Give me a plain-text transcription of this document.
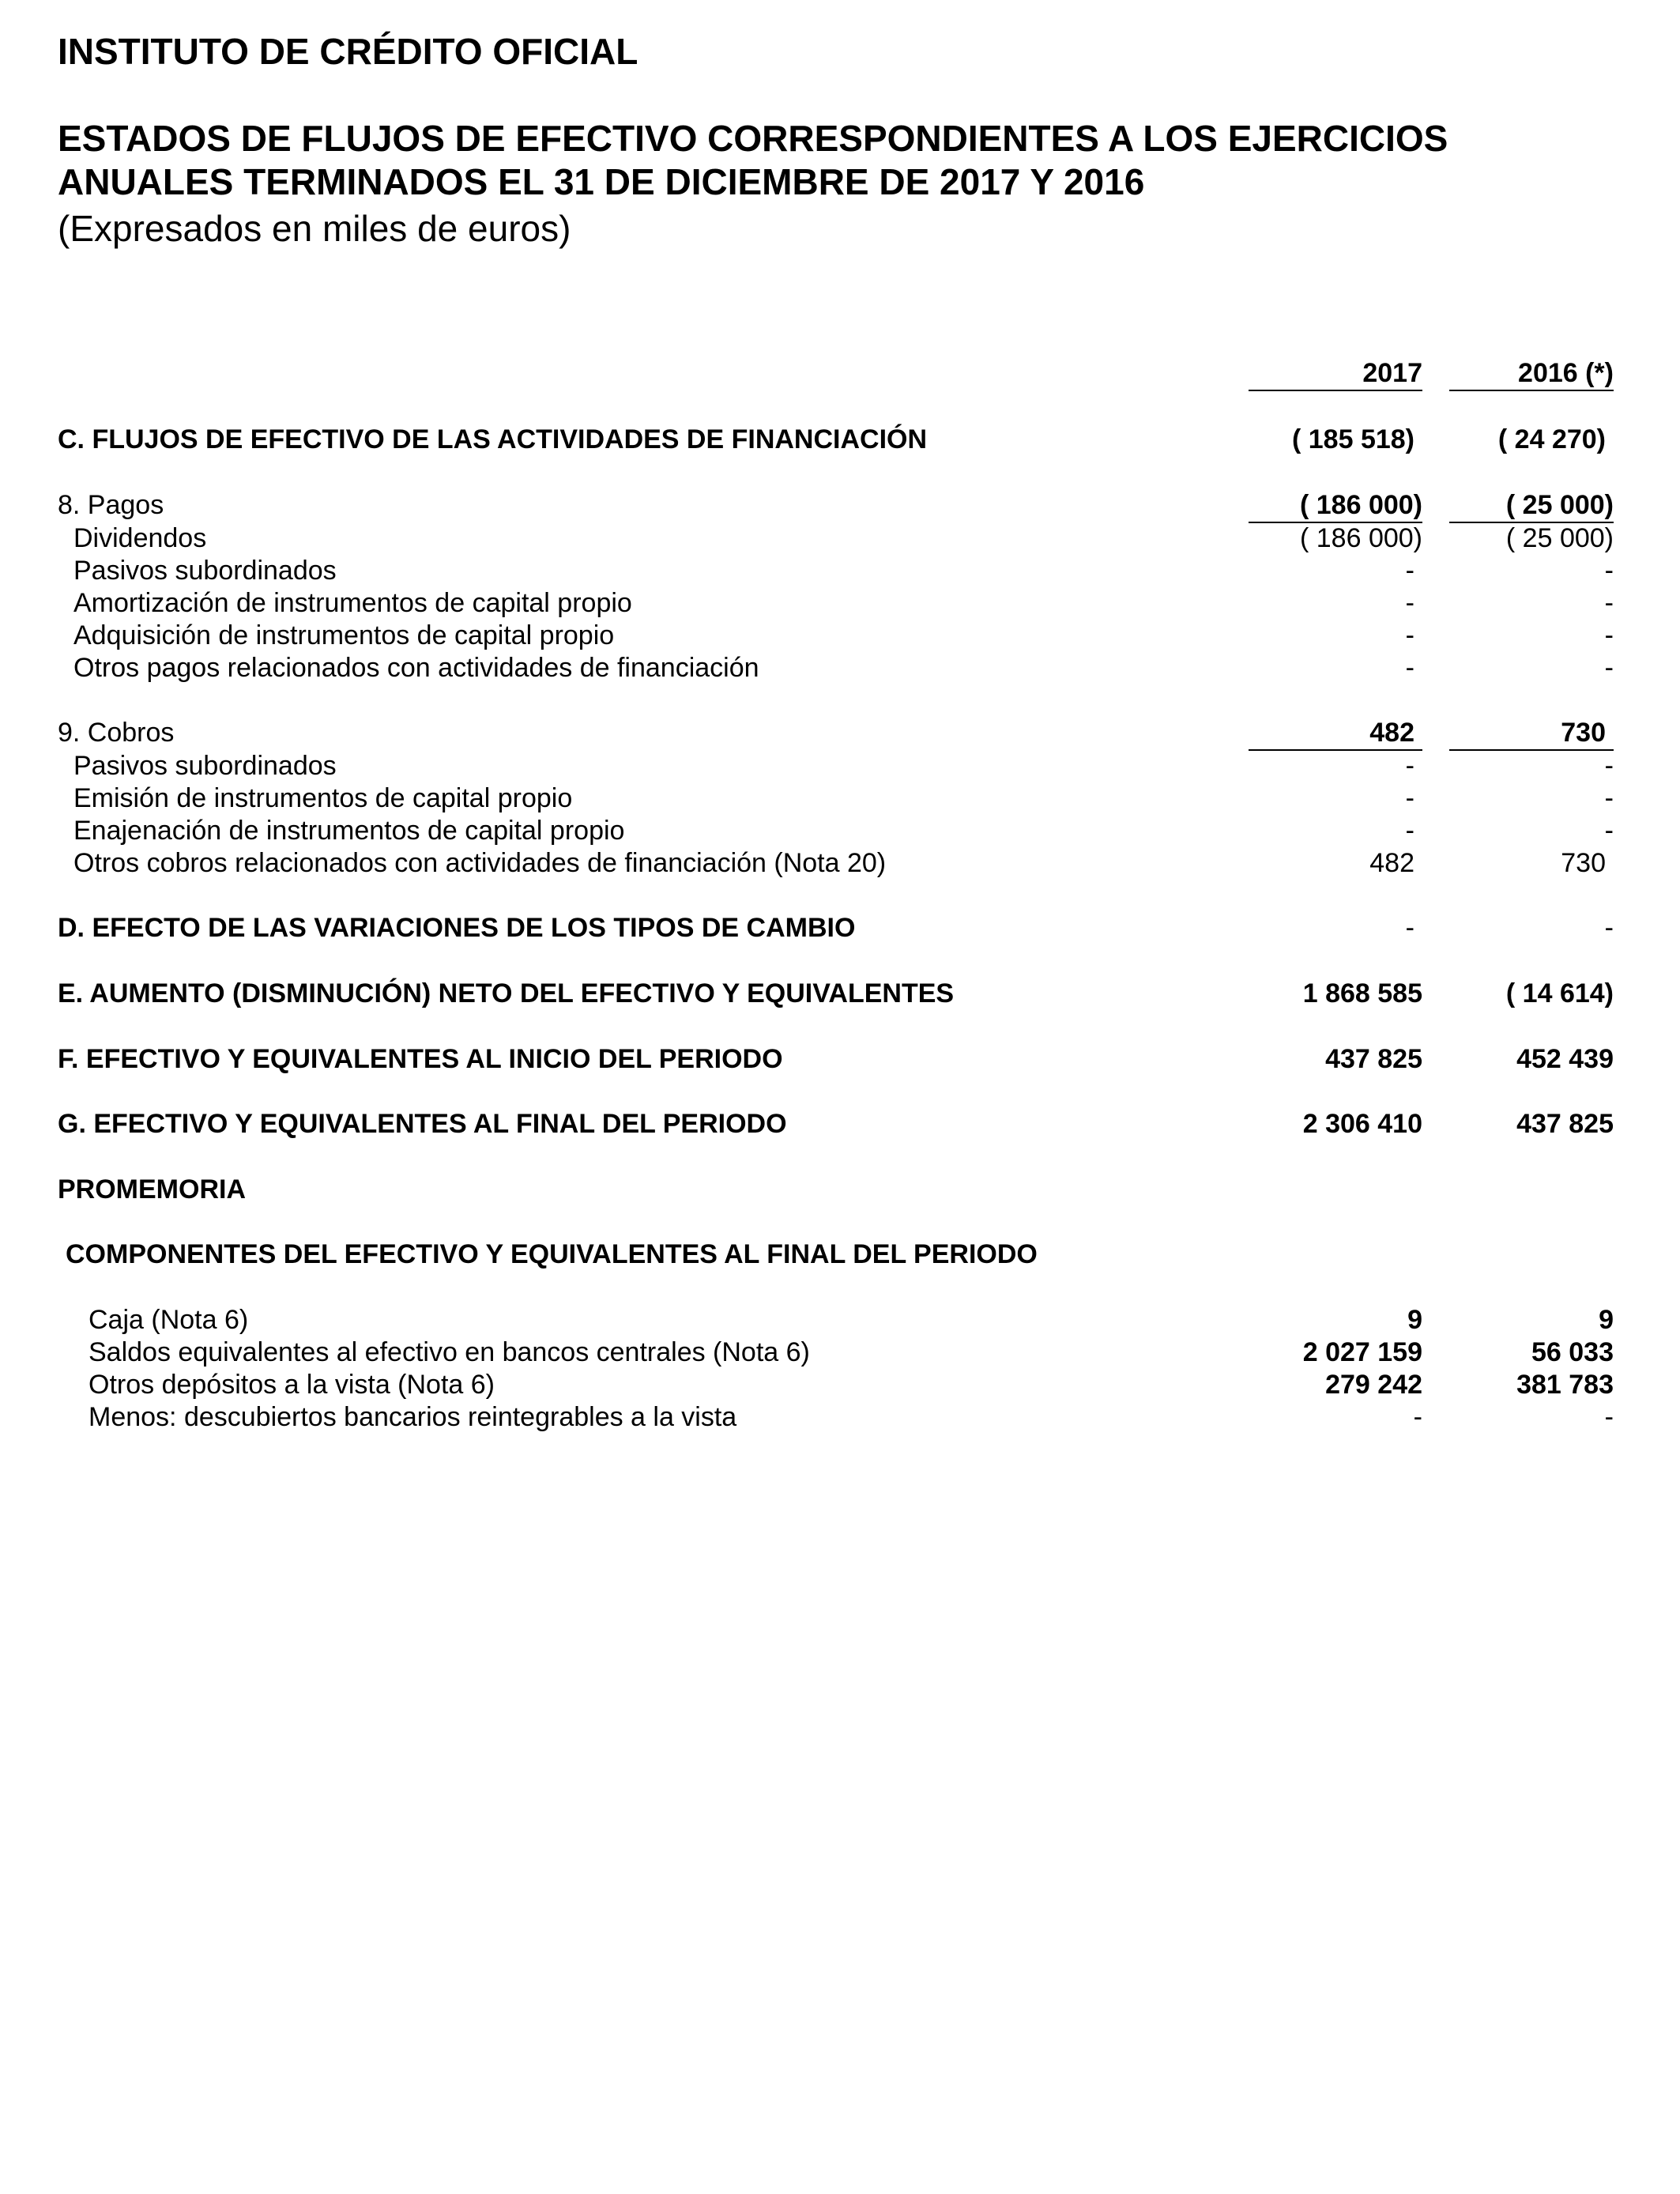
INSTITUTO DE CRÉDITO OFICIAL
ESTADOS DE FLUJOS DE EFECTIVO CORRESPONDIENTES A LOS EJERCICIOS
ANUALES TERMINADOS EL 31 DE DICIEMBRE DE 2017 Y 2016
(Expresados en miles de euros)
2017	2016 (*)
C. FLUJOS DE EFECTIVO DE LAS ACTIVIDADES DE FINANCIACIÓN	( 185 518)	( 24 270)
8. Pagos	( 186 000)	( 25 000)
Dividendos	( 186 000)	( 25 000)
Pasivos subordinados	-	-
Amortización de instrumentos de capital propio	-	-
Adquisición de instrumentos de capital propio	-	-
Otros pagos relacionados con actividades de financiación	-	-
9. Cobros	482	730
Pasivos subordinados	-	-
Emisión de instrumentos de capital propio	-	-
Enajenación de instrumentos de capital propio	-	-
Otros cobros relacionados con actividades de financiación (Nota 20)	482	730
D. EFECTO DE LAS VARIACIONES DE LOS TIPOS DE CAMBIO	-	-
E. AUMENTO (DISMINUCIÓN) NETO DEL EFECTIVO Y EQUIVALENTES	1 868 585	( 14 614)
F. EFECTIVO Y EQUIVALENTES AL INICIO DEL PERIODO	437 825	452 439
G. EFECTIVO Y EQUIVALENTES AL FINAL DEL PERIODO	2 306 410	437 825
PROMEMORIA
COMPONENTES DEL EFECTIVO Y EQUIVALENTES AL FINAL DEL PERIODO
Caja (Nota 6)	9	9
Saldos equivalentes al efectivo en bancos centrales (Nota 6)	2 027 159	56 033
Otros depósitos a la vista (Nota 6)	279 242	381 783
Menos: descubiertos bancarios reintegrables a la vista	-	-
